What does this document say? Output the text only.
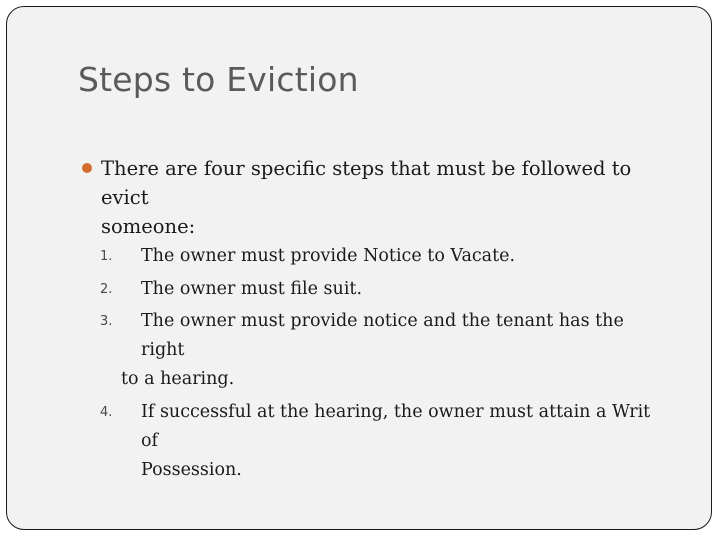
Steps to Eviction
There are four specific steps that must be followed to evict
someone:
1. The owner must provide Notice to Vacate.
2. The owner must file suit.
3. The owner must provide notice and the tenant has the right
to a hearing.
4. If successful at the hearing, the owner must attain a Writ of
Possession.
